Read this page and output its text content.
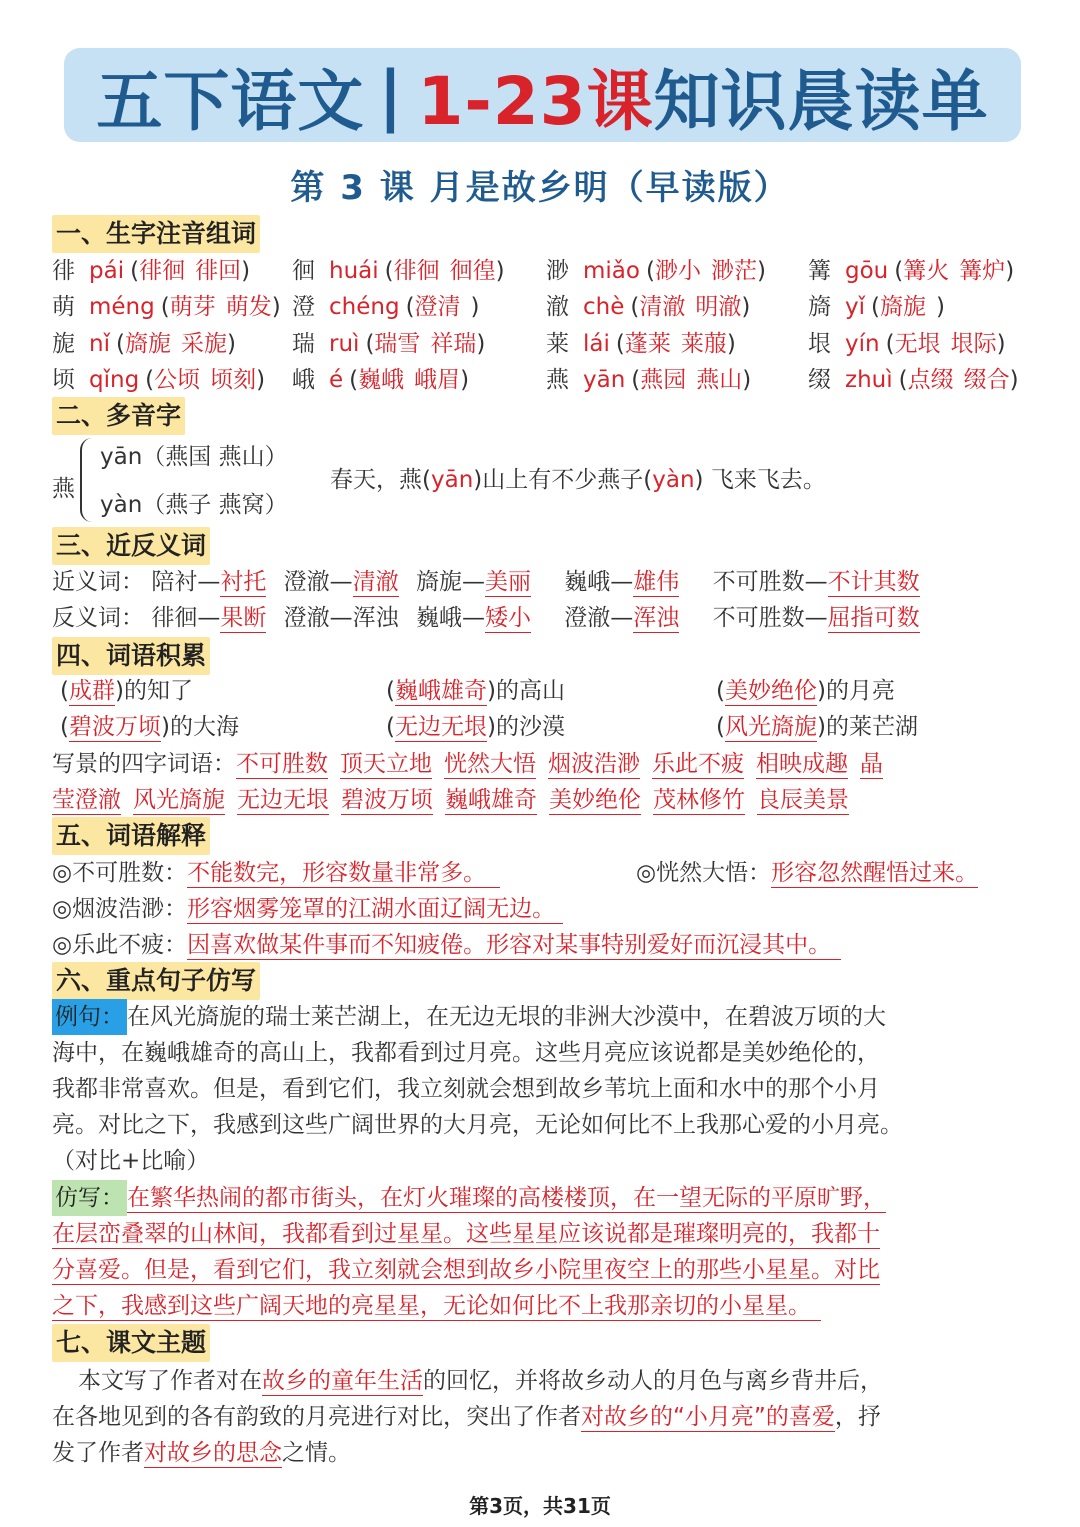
五下语文 | 1-23课 知识晨读单
第 3 课 月是故乡明（早读版）
一、生字注音组词
徘 pái (徘徊 徘回) 徊 huái (徘徊 徊徨) 渺 miǎo (渺小 渺茫) 篝 gōu (篝火 篝炉)
萌 méng (萌芽 萌发) 澄 chéng (澄清 )	澈 chè (清澈 明澈)	旖 yǐ (旖旎 )
旎 nǐ (旖旎 采旎) 瑞 ruì (瑞雪 祥瑞)	莱 lái (蓬莱 莱菔)	垠 yín (无垠 垠际)
顷 qǐng (公顷 顷刻) 峨 é (巍峨 峨眉)	燕 yān (燕园 燕山) 缀 zhuì (点缀 缀合)
二、多音字
燕
yān（燕国 燕山）
yàn（燕子 燕窝）
春天，燕(yān)山上有不少燕子(yàn) 飞来飞去。
三、近反义词
近义词： 陪衬—衬托 澄澈—清澈 旖旎—美丽 巍峨—雄伟 不可胜数—不计其数
反义词： 徘徊—果断 澄澈—浑浊 巍峨—矮小 澄澈—浑浊 不可胜数—屈指可数
四、词语积累
(成群)的知了	(巍峨雄奇)的高山	(美妙绝伦)的月亮
(碧波万顷)的大海	(无边无垠)的沙漠	(风光旖旎)的莱芒湖
写景的四字词语：不可胜数 顶天立地 恍然大悟 烟波浩渺 乐此不疲 相映成趣 晶
莹澄澈 风光旖旎 无边无垠 碧波万顷 巍峨雄奇 美妙绝伦 茂林修竹 良辰美景
五、词语解释
◎不可胜数：不能数完，形容数量非常多。	◎恍然大悟：形容忽然醒悟过来。
◎烟波浩渺：形容烟雾笼罩的江湖水面辽阔无边。
◎乐此不疲：因喜欢做某件事而不知疲倦。形容对某事特别爱好而沉浸其中。
六、重点句子仿写
例句： 在风光旖旎的瑞士莱芒湖上，在无边无垠的非洲大沙漠中，在碧波万顷的大
海中，在巍峨雄奇的高山上，我都看到过月亮。这些月亮应该说都是美妙绝伦的，
我都非常喜欢。但是，看到它们，我立刻就会想到故乡苇坑上面和水中的那个小月
亮。对比之下，我感到这些广阔世界的大月亮，无论如何比不上我那心爱的小月亮。
（对比+比喻）
仿写： 在繁华热闹的都市街头，在灯火璀璨的高楼楼顶，在一望无际的平原旷野，
在层峦叠翠的山林间，我都看到过星星。这些星星应该说都是璀璨明亮的，我都十
分喜爱。但是，看到它们，我立刻就会想到故乡小院里夜空上的那些小星星。对比
之下，我感到这些广阔天地的亮星星，无论如何比不上我那亲切的小星星。
七、课文主题
本文写了作者对在故乡的童年生活的回忆，并将故乡动人的月色与离乡背井后，
在各地见到的各有韵致的月亮进行对比，突出了作者对故乡的“小月亮”的喜爱，抒
发了作者对故乡的思念之情。
第3页，共31页
